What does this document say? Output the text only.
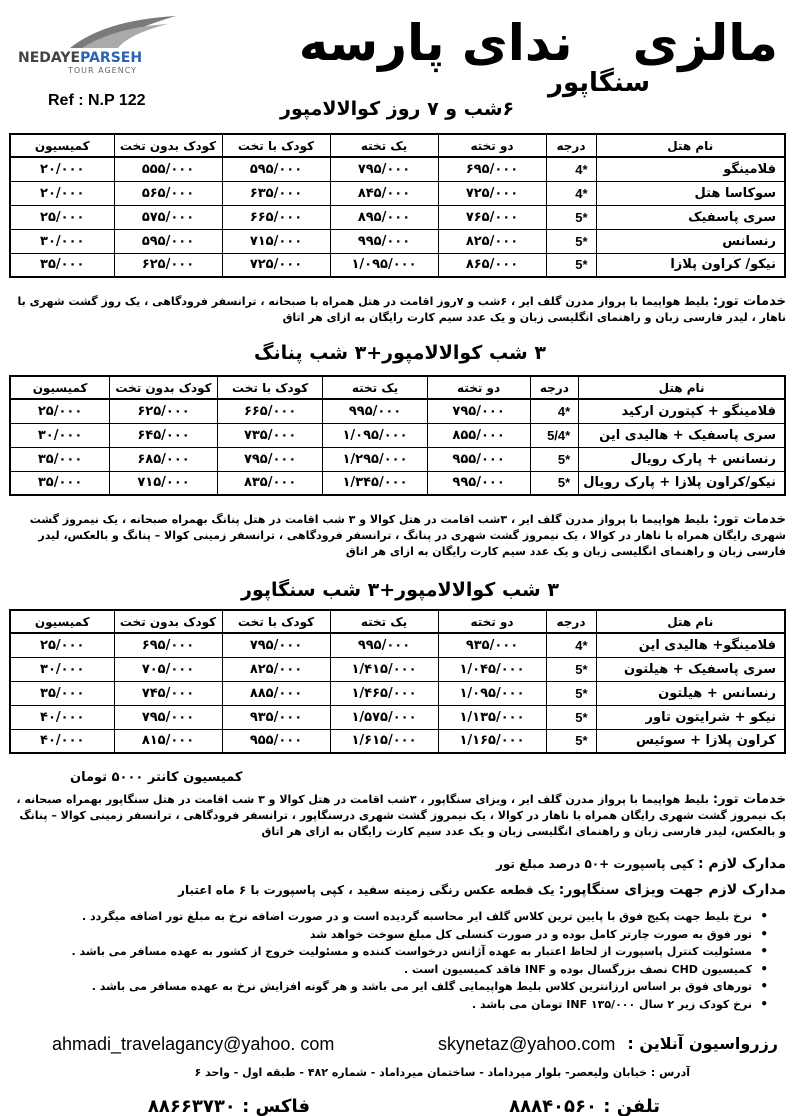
NEDAYEPARSEH
TOUR AGENCY
Ref : N.P 122
مالزیندای پارسه
سنگاپور
۶شب و ۷ روز کوالالامپور
نام هتل	درجه	دو تخته	یک تخته	کودک با تخت	کودک بدون تخت	کمیسیون
فلامینگو	*4	۶۹۵/۰۰۰	۷۹۵/۰۰۰	۵۹۵/۰۰۰	۵۵۵/۰۰۰	۲۰/۰۰۰
سوکاسا هتل	*4	۷۲۵/۰۰۰	۸۴۵/۰۰۰	۶۳۵/۰۰۰	۵۶۵/۰۰۰	۲۰/۰۰۰
سری پاسفیک	*5	۷۶۵/۰۰۰	۸۹۵/۰۰۰	۶۶۵/۰۰۰	۵۷۵/۰۰۰	۲۵/۰۰۰
رنسانس	*5	۸۲۵/۰۰۰	۹۹۵/۰۰۰	۷۱۵/۰۰۰	۵۹۵/۰۰۰	۳۰/۰۰۰
نیکو/ کراون پلازا	*5	۸۶۵/۰۰۰	۱/۰۹۵/۰۰۰	۷۲۵/۰۰۰	۶۲۵/۰۰۰	۳۵/۰۰۰
خدمات تور: بلیط هواپیما با پرواز مدرن گلف ایر ، ۶شب و ۷روز اقامت در هتل همراه با صبحانه ، ترانسفر فرودگاهی ، یک روز گشت شهری با ناهار ، لیدر فارسی زبان و راهنمای انگلیسی زبان و یک عدد سیم کارت رایگان به ازای هر اتاق
۳ شب کوالالامپور+۳ شب پنانگ
نام هتل	درجه	دو تخته	یک تخته	کودک با تخت	کودک بدون تخت	کمیسیون
فلامینگو + کپتورن ارکید	*4	۷۹۵/۰۰۰	۹۹۵/۰۰۰	۶۶۵/۰۰۰	۶۲۵/۰۰۰	۲۵/۰۰۰
سری پاسفیک + هالیدی این	*5/4	۸۵۵/۰۰۰	۱/۰۹۵/۰۰۰	۷۳۵/۰۰۰	۶۴۵/۰۰۰	۳۰/۰۰۰
رنسانس + پارک رویال	*5	۹۵۵/۰۰۰	۱/۲۹۵/۰۰۰	۷۹۵/۰۰۰	۶۸۵/۰۰۰	۳۵/۰۰۰
نیکو/کراون پلازا + پارک رویال	*5	۹۹۵/۰۰۰	۱/۳۴۵/۰۰۰	۸۳۵/۰۰۰	۷۱۵/۰۰۰	۳۵/۰۰۰
خدمات تور: بلیط هواپیما با پرواز مدرن گلف ایر ، ۳شب اقامت در هتل کوالا و ۳ شب اقامت در هتل پنانگ بهمراه صبحانه ، یک نیمروز گشت شهری رایگان همراه با ناهار در کوالا ، یک نیمروز گشت شهری در پنانگ ، ترانسفر فرودگاهی ، ترانسفر زمینی کوالا – پنانگ و بالعکس، لیدر فارسی زبان و راهنمای انگلیسی زبان و یک عدد سیم کارت رایگان به ازای هر اتاق
۳ شب کوالالامپور+۳ شب سنگاپور
نام هتل	درجه	دو تخته	یک تخته	کودک با تخت	کودک بدون تخت	کمیسیون
فلامینگو+ هالیدی این	*4	۹۳۵/۰۰۰	۹۹۵/۰۰۰	۷۹۵/۰۰۰	۶۹۵/۰۰۰	۲۵/۰۰۰
سری پاسفیک + هیلتون	*5	۱/۰۴۵/۰۰۰	۱/۴۱۵/۰۰۰	۸۲۵/۰۰۰	۷۰۵/۰۰۰	۳۰/۰۰۰
رنسانس + هیلتون	*5	۱/۰۹۵/۰۰۰	۱/۴۶۵/۰۰۰	۸۸۵/۰۰۰	۷۴۵/۰۰۰	۳۵/۰۰۰
نیکو + شرایتون تاور	*5	۱/۱۳۵/۰۰۰	۱/۵۷۵/۰۰۰	۹۳۵/۰۰۰	۷۹۵/۰۰۰	۴۰/۰۰۰
کراون پلازا + سوئیس	*5	۱/۱۶۵/۰۰۰	۱/۶۱۵/۰۰۰	۹۵۵/۰۰۰	۸۱۵/۰۰۰	۴۰/۰۰۰
کمیسیون کانتر ۵۰۰۰ تومان
خدمات تور: بلیط هواپیما با پرواز مدرن گلف ایر ، ویزای سنگاپور ، ۳شب اقامت در هتل کوالا و ۳ شب اقامت در هتل سنگاپور بهمراه صبحانه ، یک نیمروز گشت شهری رایگان همراه با ناهار در کوالا ، یک نیمروز گشت شهری درسنگاپور ، ترانسفر فرودگاهی ، ترانسفر زمینی کوالا – پنانگ و بالعکس، لیدر فارسی زبان و راهنمای انگلیسی زبان و یک عدد سیم کارت رایگان به ازای هر اتاق
مدارک لازم : کپی پاسپورت +۵۰ درصد مبلغ تور
مدارک لازم جهت ویزای سنگاپور: یک قطعه عکس رنگی زمینه سفید ، کپی پاسپورت با ۶ ماه اعتبار
• نرخ بلیط جهت پکیج فوق با پایین ترین کلاس گلف ایر محاسبه گردیده است و در صورت اضافه نرخ به مبلغ تور اضافه میگردد .
• تور فوق به صورت چارتر کامل بوده و در صورت کنسلی کل مبلغ سوخت خواهد شد
• مسئولیت کنترل پاسپورت از لحاظ اعتبار به عهده آژانس درخواست کننده و مسئولیت خروج از کشور به عهده مسافر می باشد .
• کمیسیون CHD نصف بزرگسال بوده و INF فاقد کمیسیون است .
• تورهای فوق بر اساس ارزانترین کلاس بلیط هواپیمایی گلف ایر می باشد و هر گونه افزایش نرخ به عهده مسافر می باشد .
• نرخ کودک زیر ۲ سال INF ۱۳۵/۰۰۰ تومان می باشد .
ahmadi_travelagancy@yahoo. com	skynetaz@yahoo.com رزرواسیون آنلاین :
آدرس : خیابان ولیعصر- بلوار میرداماد - ساختمان میرداماد - شماره ۴۸۲ - طبقه اول - واحد ۶
تلفن : ۸۸۸۴۰۵۶۰
فاکس : ۸۸۶۶۳۷۳۰
